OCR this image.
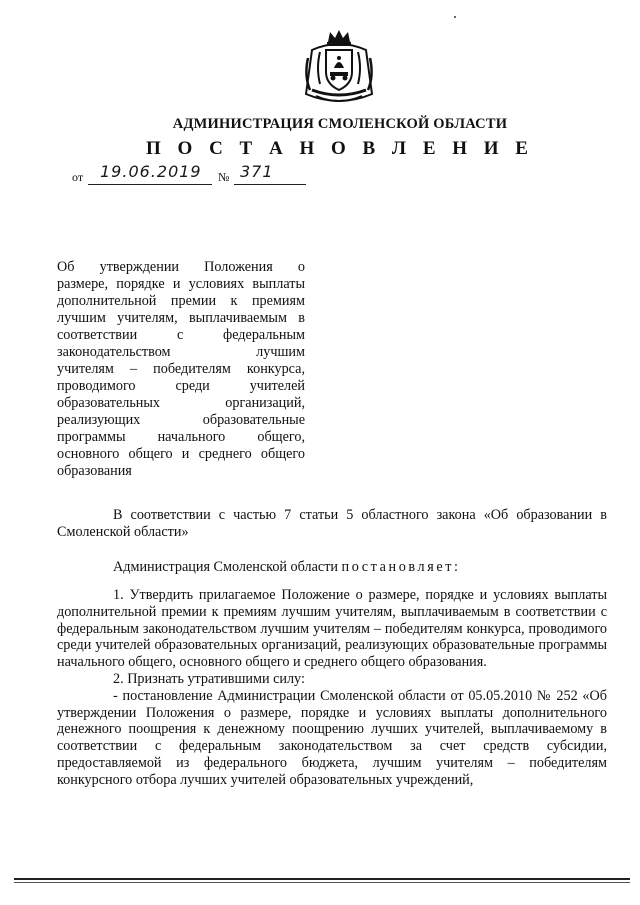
АДМИНИСТРАЦИЯ СМОЛЕНСКОЙ ОБЛАСТИ
П О С Т А Н О В Л Е Н И Е
от 19.06.2019 № 371
Об утверждении Положения о
размере, порядке и условиях выплаты
дополнительной премии к премиям
лучшим учителям, выплачиваемым в
соответствии с федеральным
законодательством лучшим
учителям – победителям конкурса,
проводимого среди учителей
образовательных организаций,
реализующих образовательные
программы начального общего,
основного общего и среднего общего
образования

В соответствии с частью 7 статьи 5 областного закона «Об образовании в Смоленской области»

Администрация Смоленской области постановляет:

1. Утвердить прилагаемое Положение о размере, порядке и условиях выплаты дополнительной премии к премиям лучшим учителям, выплачиваемым в соответствии с федеральным законодательством лучшим учителям – победителям конкурса, проводимого среди учителей образовательных организаций, реализующих образовательные программы начального общего, основного общего и среднего общего образования.

2. Признать утратившими силу:

- постановление Администрации Смоленской области от 05.05.2010 № 252 «Об утверждении Положения о размере, порядке и условиях выплаты дополнительного денежного поощрения к денежному поощрению лучших учителей, выплачиваемому в соответствии с федеральным законодательством за счет средств субсидии, предоставляемой из федерального бюджета, лучшим учителям – победителям конкурсного отбора лучших учителей образовательных учреждений,
